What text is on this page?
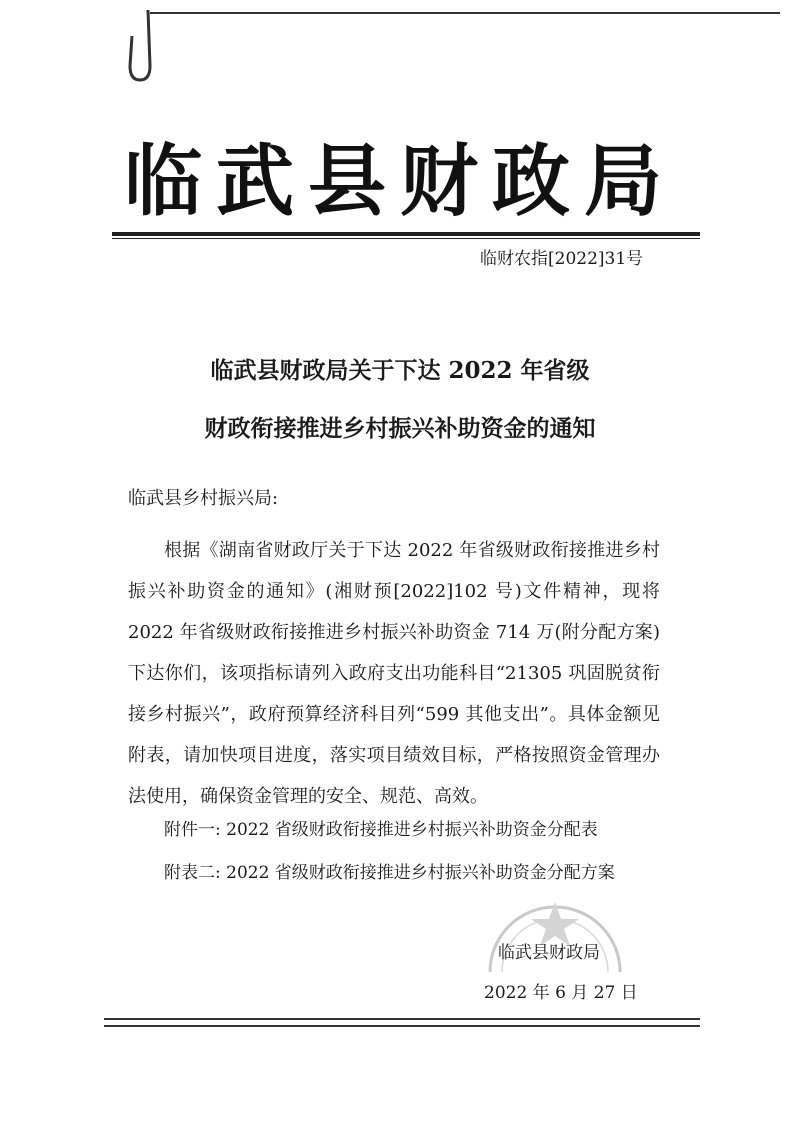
临武县财政局
临财农指[2022]31号
临武县财政局关于下达 2022 年省级
财政衔接推进乡村振兴补助资金的通知
临武县乡村振兴局:
根据《湖南省财政厅关于下达 2022 年省级财政衔接推进乡村振兴补助资金的通知》(湘财预[2022]102 号)文件精神，现将 2022 年省级财政衔接推进乡村振兴补助资金 714 万(附分配方案)下达你们，该项指标请列入政府支出功能科目“21305 巩固脱贫衔接乡村振兴”，政府预算经济科目列“599 其他支出”。具体金额见附表，请加快项目进度，落实项目绩效目标，严格按照资金管理办法使用，确保资金管理的安全、规范、高效。
附件一: 2022 省级财政衔接推进乡村振兴补助资金分配表
附表二: 2022 省级财政衔接推进乡村振兴补助资金分配方案
临武县财政局
2022 年 6 月 27 日
